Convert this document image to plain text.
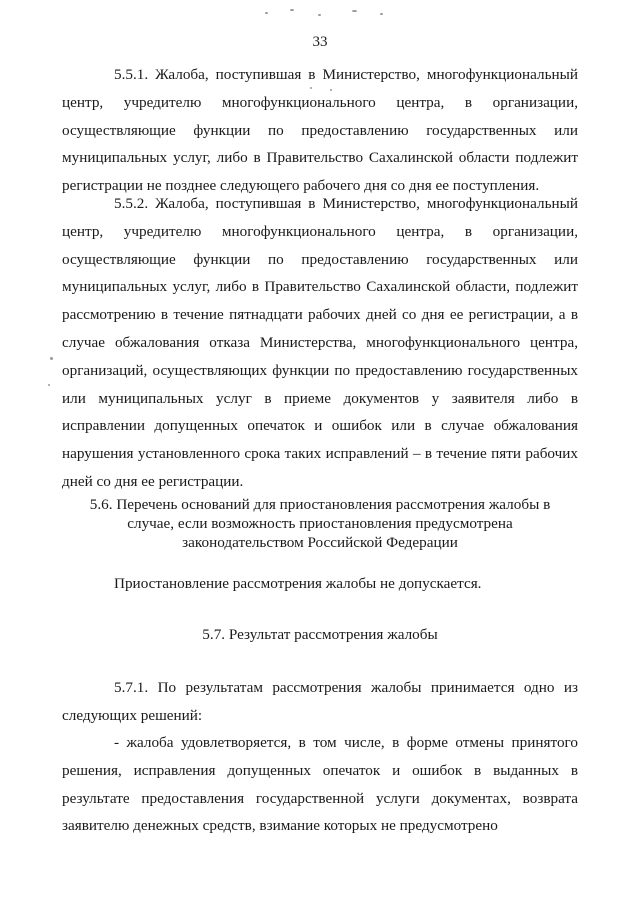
33

5.5.1. Жалоба, поступившая в Министерство, многофункциональный центр, учредителю многофункционального центра, в организации, осуществляющие функции по предоставлению государственных или муниципальных услуг, либо в Правительство Сахалинской области подлежит регистрации не позднее следующего рабочего дня со дня ее поступления.

5.5.2. Жалоба, поступившая в Министерство, многофункциональный центр, учредителю многофункционального центра, в организации, осуществляющие функции по предоставлению государственных или муниципальных услуг, либо в Правительство Сахалинской области, подлежит рассмотрению в течение пятнадцати рабочих дней со дня ее регистрации, а в случае обжалования отказа Министерства, многофункционального центра, организаций, осуществляющих функции по предоставлению государственных или муниципальных услуг в приеме документов у заявителя либо в исправлении допущенных опечаток и ошибок или в случае обжалования нарушения установленного срока таких исправлений – в течение пяти рабочих дней со дня ее регистрации.

5.6. Перечень оснований для приостановления рассмотрения жалобы в
случае, если возможность приостановления предусмотрена
законодательством Российской Федерации

Приостановление рассмотрения жалобы не допускается.

5.7. Результат рассмотрения жалобы

5.7.1. По результатам рассмотрения жалобы принимается одно из следующих решений:

- жалоба удовлетворяется, в том числе, в форме отмены принятого решения, исправления допущенных опечаток и ошибок в выданных в результате предоставления государственной услуги документах, возврата заявителю денежных средств, взимание которых не предусмотрено
